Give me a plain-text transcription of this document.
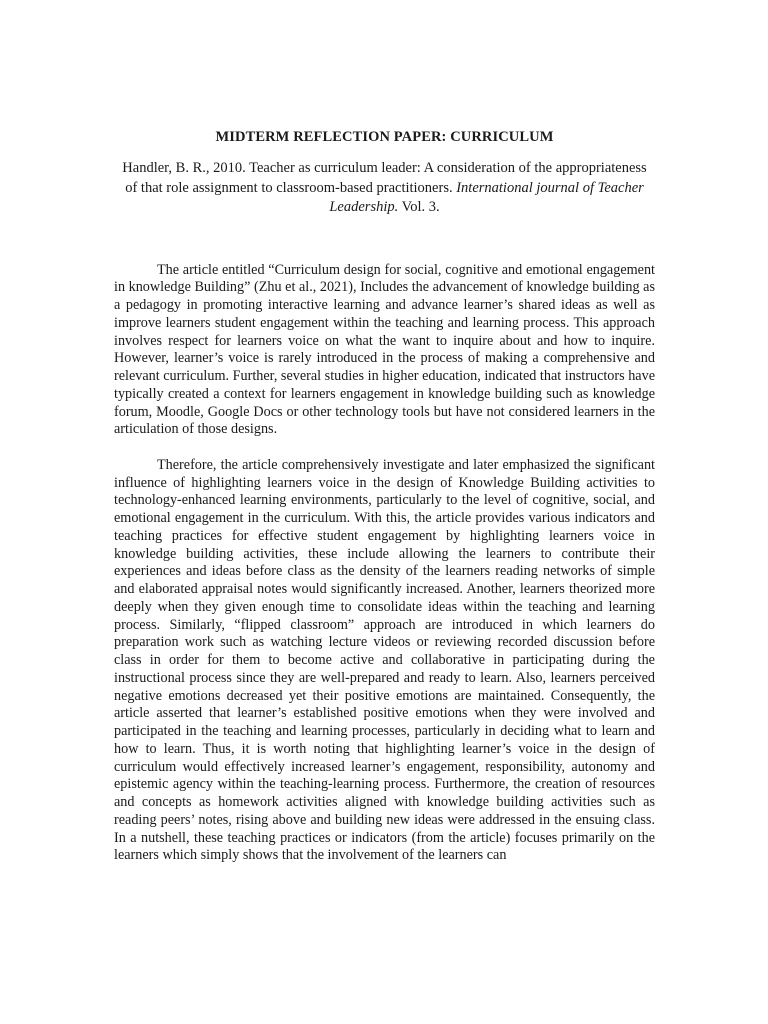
MIDTERM REFLECTION PAPER: CURRICULUM
Handler, B. R., 2010. Teacher as curriculum leader: A consideration of the appropriateness of that role assignment to classroom-based practitioners. International journal of Teacher Leadership. Vol. 3.

The article entitled “Curriculum design for social, cognitive and emotional engagement in knowledge Building” (Zhu et al., 2021), Includes the advancement of knowledge building as a pedagogy in promoting interactive learning and advance learner’s shared ideas as well as improve learners student engagement within the teaching and learning process. This approach involves respect for learners voice on what the want to inquire about and how to inquire. However, learner’s voice is rarely introduced in the process of making a comprehensive and relevant curriculum. Further, several studies in higher education, indicated that instructors have typically created a context for learners engagement in knowledge building such as knowledge forum, Moodle, Google Docs or other technology tools but have not considered learners in the articulation of those designs.

Therefore, the article comprehensively investigate and later emphasized the significant influence of highlighting learners voice in the design of Knowledge Building activities to technology-enhanced learning environments, particularly to the level of cognitive, social, and emotional engagement in the curriculum. With this, the article provides various indicators and teaching practices for effective student engagement by highlighting learners voice in knowledge building activities, these include allowing the learners to contribute their experiences and ideas before class as the density of the learners reading networks of simple and elaborated appraisal notes would significantly increased. Another, learners theorized more deeply when they given enough time to consolidate ideas within the teaching and learning process. Similarly, “flipped classroom” approach are introduced in which learners do preparation work such as watching lecture videos or reviewing recorded discussion before class in order for them to become active and collaborative in participating during the instructional process since they are well-prepared and ready to learn. Also, learners perceived negative emotions decreased yet their positive emotions are maintained. Consequently, the article asserted that learner’s established positive emotions when they were involved and participated in the teaching and learning processes, particularly in deciding what to learn and how to learn. Thus, it is worth noting that highlighting learner’s voice in the design of curriculum would effectively increased learner’s engagement, responsibility, autonomy and epistemic agency within the teaching-learning process. Furthermore, the creation of resources and concepts as homework activities aligned with knowledge building activities such as reading peers’ notes, rising above and building new ideas were addressed in the ensuing class. In a nutshell, these teaching practices or indicators (from the article) focuses primarily on the learners which simply shows that the involvement of the learners can
